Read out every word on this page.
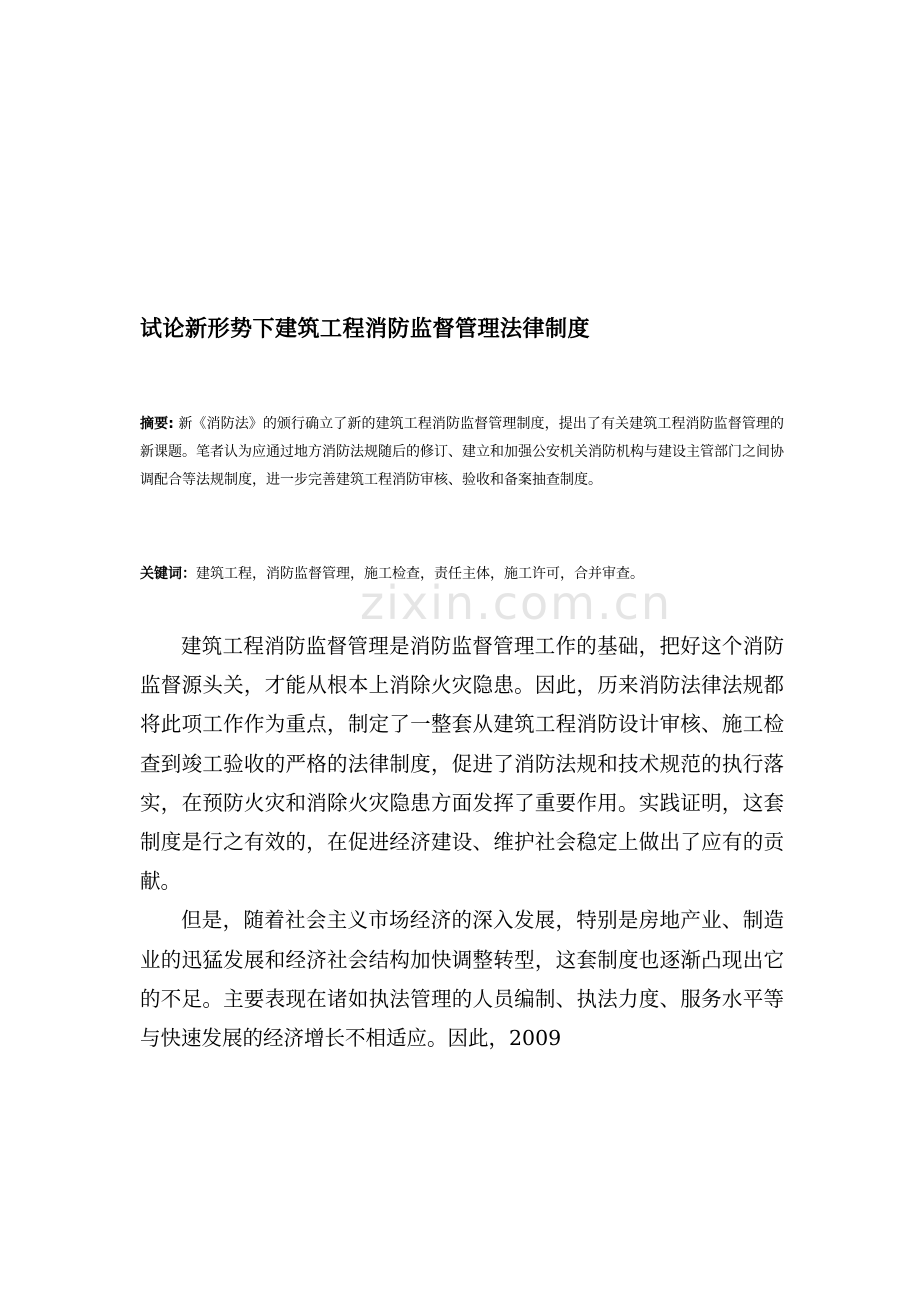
试论新形势下建筑工程消防监督管理法律制度

摘要: 新《消防法》的颁行确立了新的建筑工程消防监督管理制度，提出了有关建筑工程消防监督管理的新课题。笔者认为应通过地方消防法规随后的修订、建立和加强公安机关消防机构与建设主管部门之间协调配合等法规制度，进一步完善建筑工程消防审核、验收和备案抽查制度。

关键词：建筑工程，消防监督管理，施工检查，责任主体，施工许可，合并审查。

zixin.com.cn

建筑工程消防监督管理是消防监督管理工作的基础，把好这个消防监督源头关，才能从根本上消除火灾隐患。因此，历来消防法律法规都将此项工作作为重点，制定了一整套从建筑工程消防设计审核、施工检查到竣工验收的严格的法律制度，促进了消防法规和技术规范的执行落实，在预防火灾和消除火灾隐患方面发挥了重要作用。实践证明，这套制度是行之有效的，在促进经济建设、维护社会稳定上做出了应有的贡献。

但是，随着社会主义市场经济的深入发展，特别是房地产业、制造业的迅猛发展和经济社会结构加快调整转型，这套制度也逐渐凸现出它的不足。主要表现在诸如执法管理的人员编制、执法力度、服务水平等与快速发展的经济增长不相适应。因此，2009
